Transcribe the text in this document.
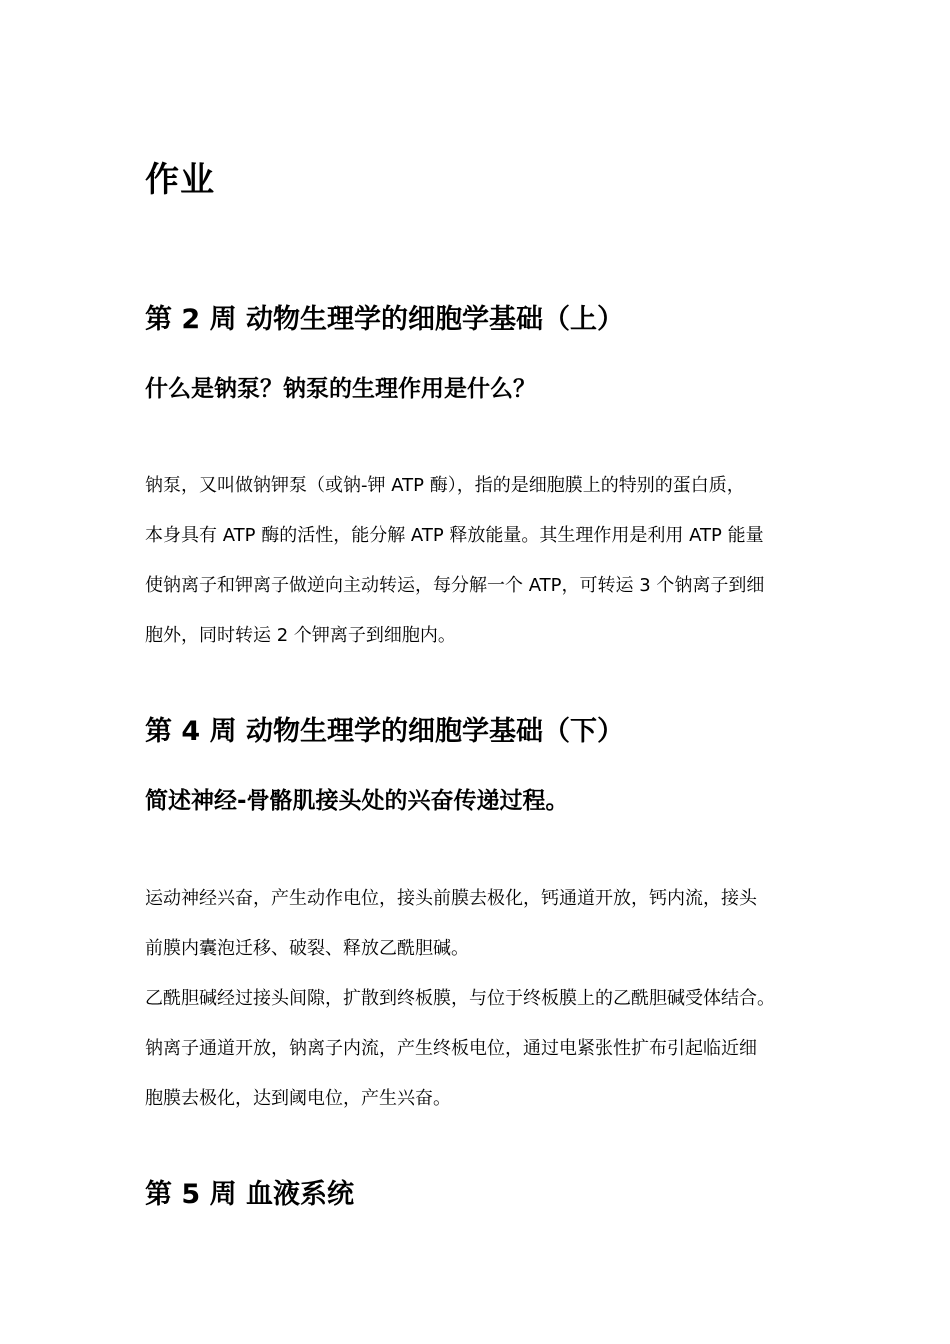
作业
第 2 周 动物生理学的细胞学基础（上）
什么是钠泵？钠泵的生理作用是什么？
钠泵，又叫做钠钾泵（或钠-钾 ATP 酶），指的是细胞膜上的特别的蛋白质，
本身具有 ATP 酶的活性，能分解 ATP 释放能量。其生理作用是利用 ATP 能量
使钠离子和钾离子做逆向主动转运，每分解一个 ATP，可转运 3 个钠离子到细
胞外，同时转运 2 个钾离子到细胞内。
第 4 周 动物生理学的细胞学基础（下）
简述神经-骨骼肌接头处的兴奋传递过程。
运动神经兴奋，产生动作电位，接头前膜去极化，钙通道开放，钙内流，接头
前膜内囊泡迁移、破裂、释放乙酰胆碱。
乙酰胆碱经过接头间隙，扩散到终板膜，与位于终板膜上的乙酰胆碱受体结合。
钠离子通道开放，钠离子内流，产生终板电位，通过电紧张性扩布引起临近细
胞膜去极化，达到阈电位，产生兴奋。
第 5 周 血液系统
